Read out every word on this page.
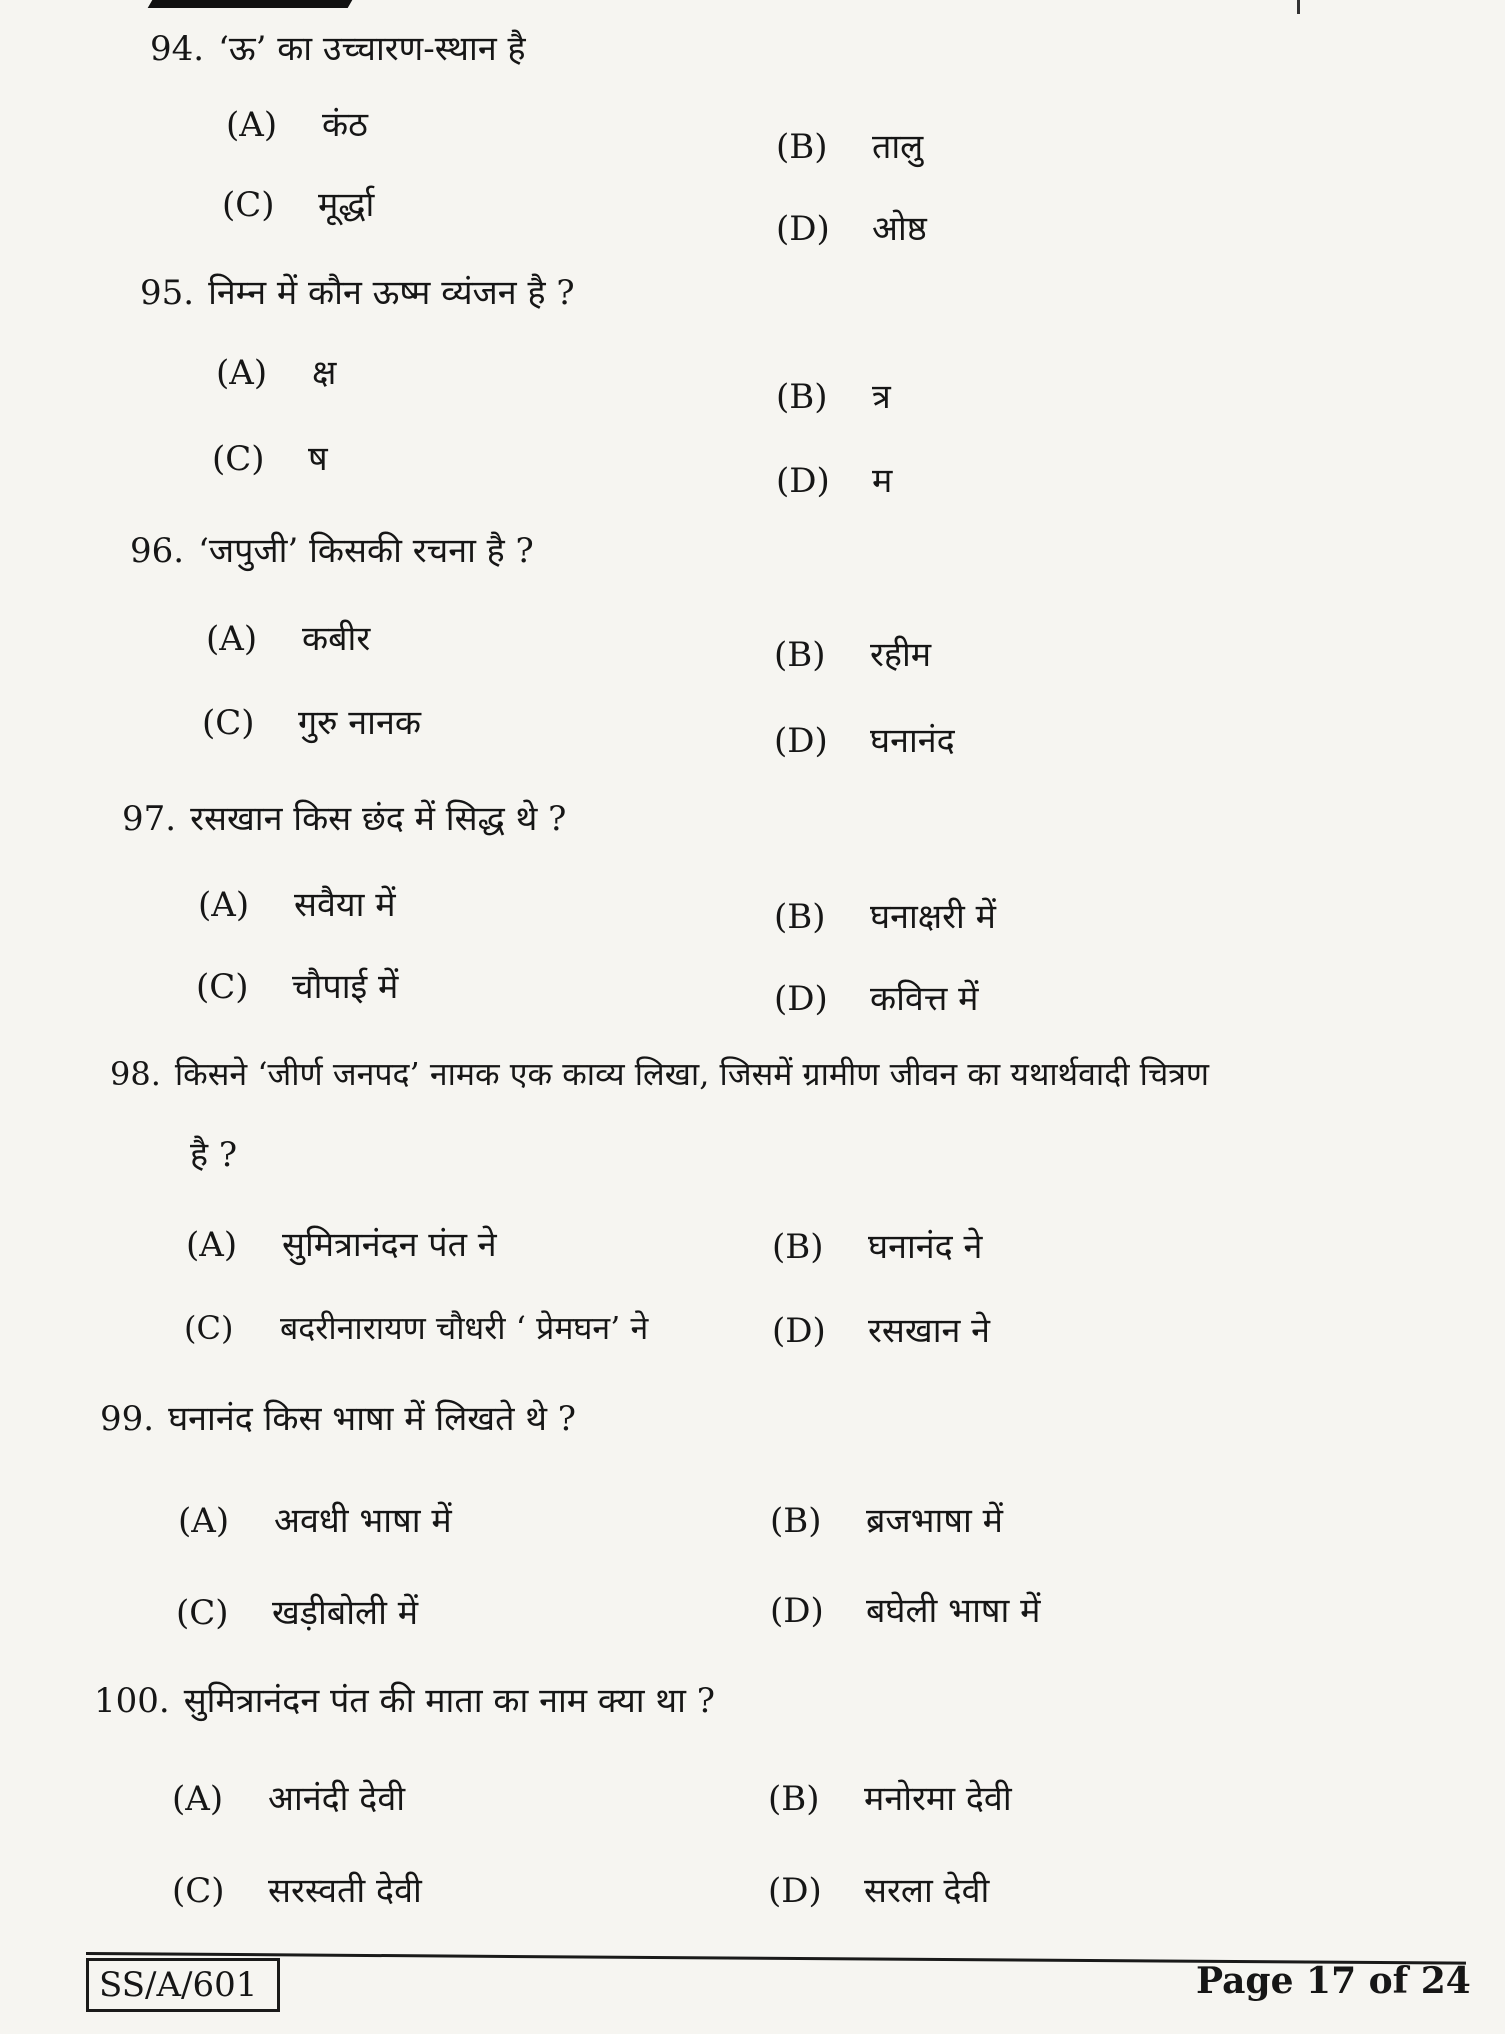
94. ‘ऊ’ का उच्चारण-स्थान है
(A) कंठ
(B) तालु
(C) मूर्द्धा
(D) ओष्ठ
95. निम्न में कौन ऊष्म व्यंजन है ?
(A) क्ष
(B) त्र
(C) ष
(D) म
96. ‘जपुजी’ किसकी रचना है ?
(A) कबीर	(B) रहीम
(C) गुरु नानक	(D) घनानंद
97. रसखान किस छंद में सिद्ध थे ?
(A) सवैया में	(B) घनाक्षरी में
(C) चौपाई में	(D) कवित्त में
98. किसने ‘जीर्ण जनपद’ नामक एक काव्य लिखा, जिसमें ग्रामीण जीवन का यथार्थवादी चित्रण
है ?
(A) सुमित्रानंदन पंत ने	(B) घनानंद ने
(C) बदरीनारायण चौधरी ‘ प्रेमघन’ ने	(D) रसखान ने
99. घनानंद किस भाषा में लिखते थे ?
(A) अवधी भाषा में	(B) ब्रजभाषा में
(C) खड़ीबोली में	(D) बघेली भाषा में
100. सुमित्रानंदन पंत की माता का नाम क्या था ?
(A) आनंदी देवी	(B) मनोरमा देवी
(C) सरस्वती देवी	(D) सरला देवी
SS/A/601	Page 17 of 24
